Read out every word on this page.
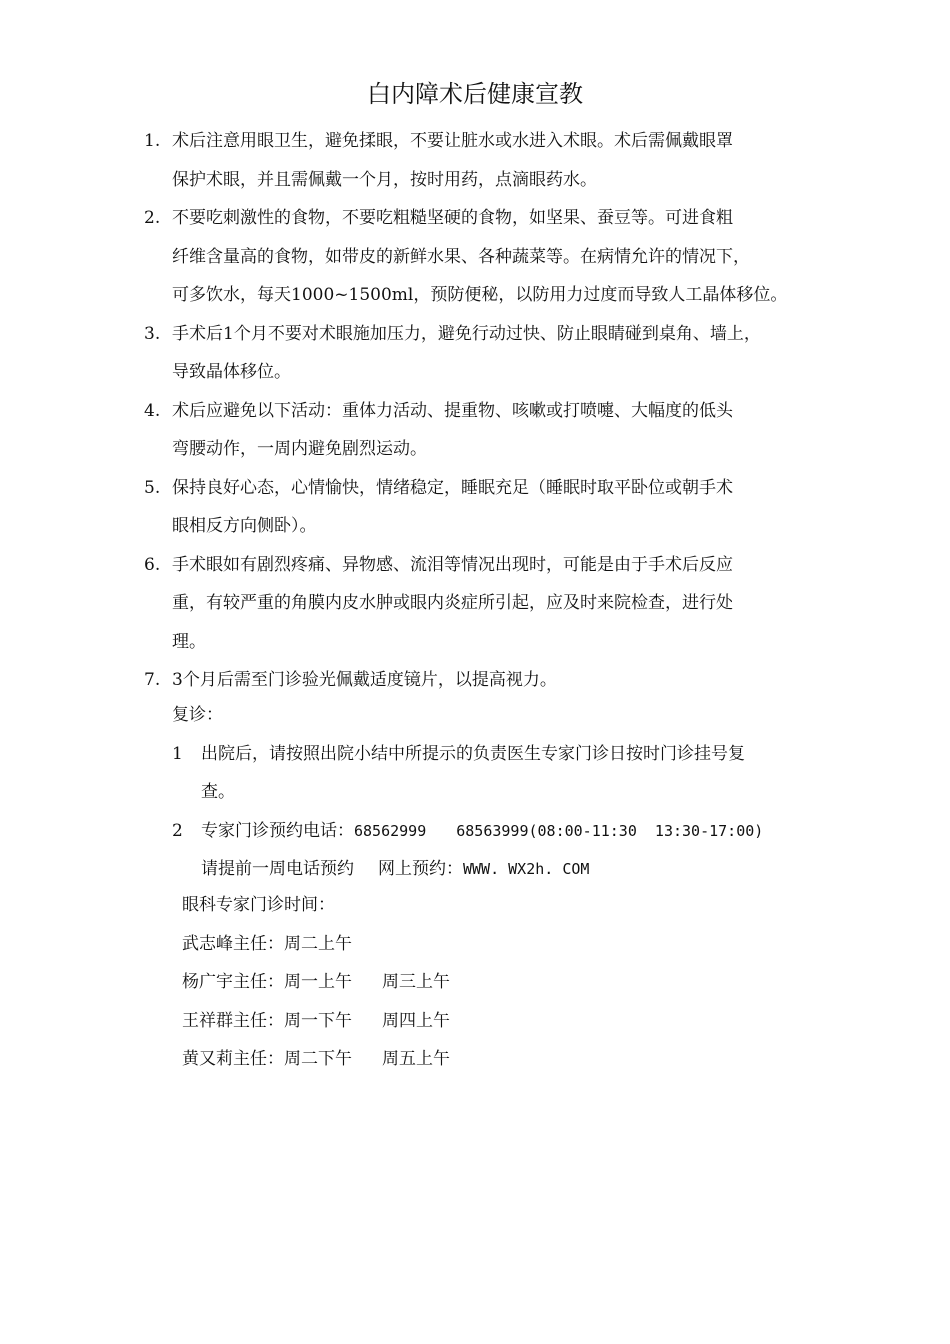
白内障术后健康宣教
1. 术后注意用眼卫生，避免揉眼，不要让脏水或水进入术眼。术后需佩戴眼罩
保护术眼，并且需佩戴一个月，按时用药，点滴眼药水。
2. 不要吃刺激性的食物，不要吃粗糙坚硬的食物，如坚果、蚕豆等。可进食粗
纤维含量高的食物，如带皮的新鲜水果、各种蔬菜等。在病情允许的情况下，
可多饮水，每天1000~1500ml，预防便秘，以防用力过度而导致人工晶体移位。
3. 手术后1个月不要对术眼施加压力，避免行动过快、防止眼睛碰到桌角、墙上，
导致晶体移位。
4. 术后应避免以下活动：重体力活动、提重物、咳嗽或打喷嚏、大幅度的低头
弯腰动作，一周内避免剧烈运动。
5. 保持良好心态，心情愉快，情绪稳定，睡眠充足（睡眠时取平卧位或朝手术
眼相反方向侧卧）。
6. 手术眼如有剧烈疼痛、异物感、流泪等情况出现时，可能是由于手术后反应
重，有较严重的角膜内皮水肿或眼内炎症所引起，应及时来院检查，进行处
理。
7. 3个月后需至门诊验光佩戴适度镜片，以提高视力。
复诊：
1 出院后，请按照出院小结中所提示的负责医生专家门诊日按时门诊挂号复
查。
2 专家门诊预约电话：68562999 68563999(08:00-11:30  13:30-17:00)
请提前一周电话预约 网上预约：WWW. WX2h. COM
眼科专家门诊时间：
武志峰主任：周二上午
杨广宇主任：周一上午 周三上午
王祥群主任：周一下午 周四上午
黄又莉主任：周二下午 周五上午
